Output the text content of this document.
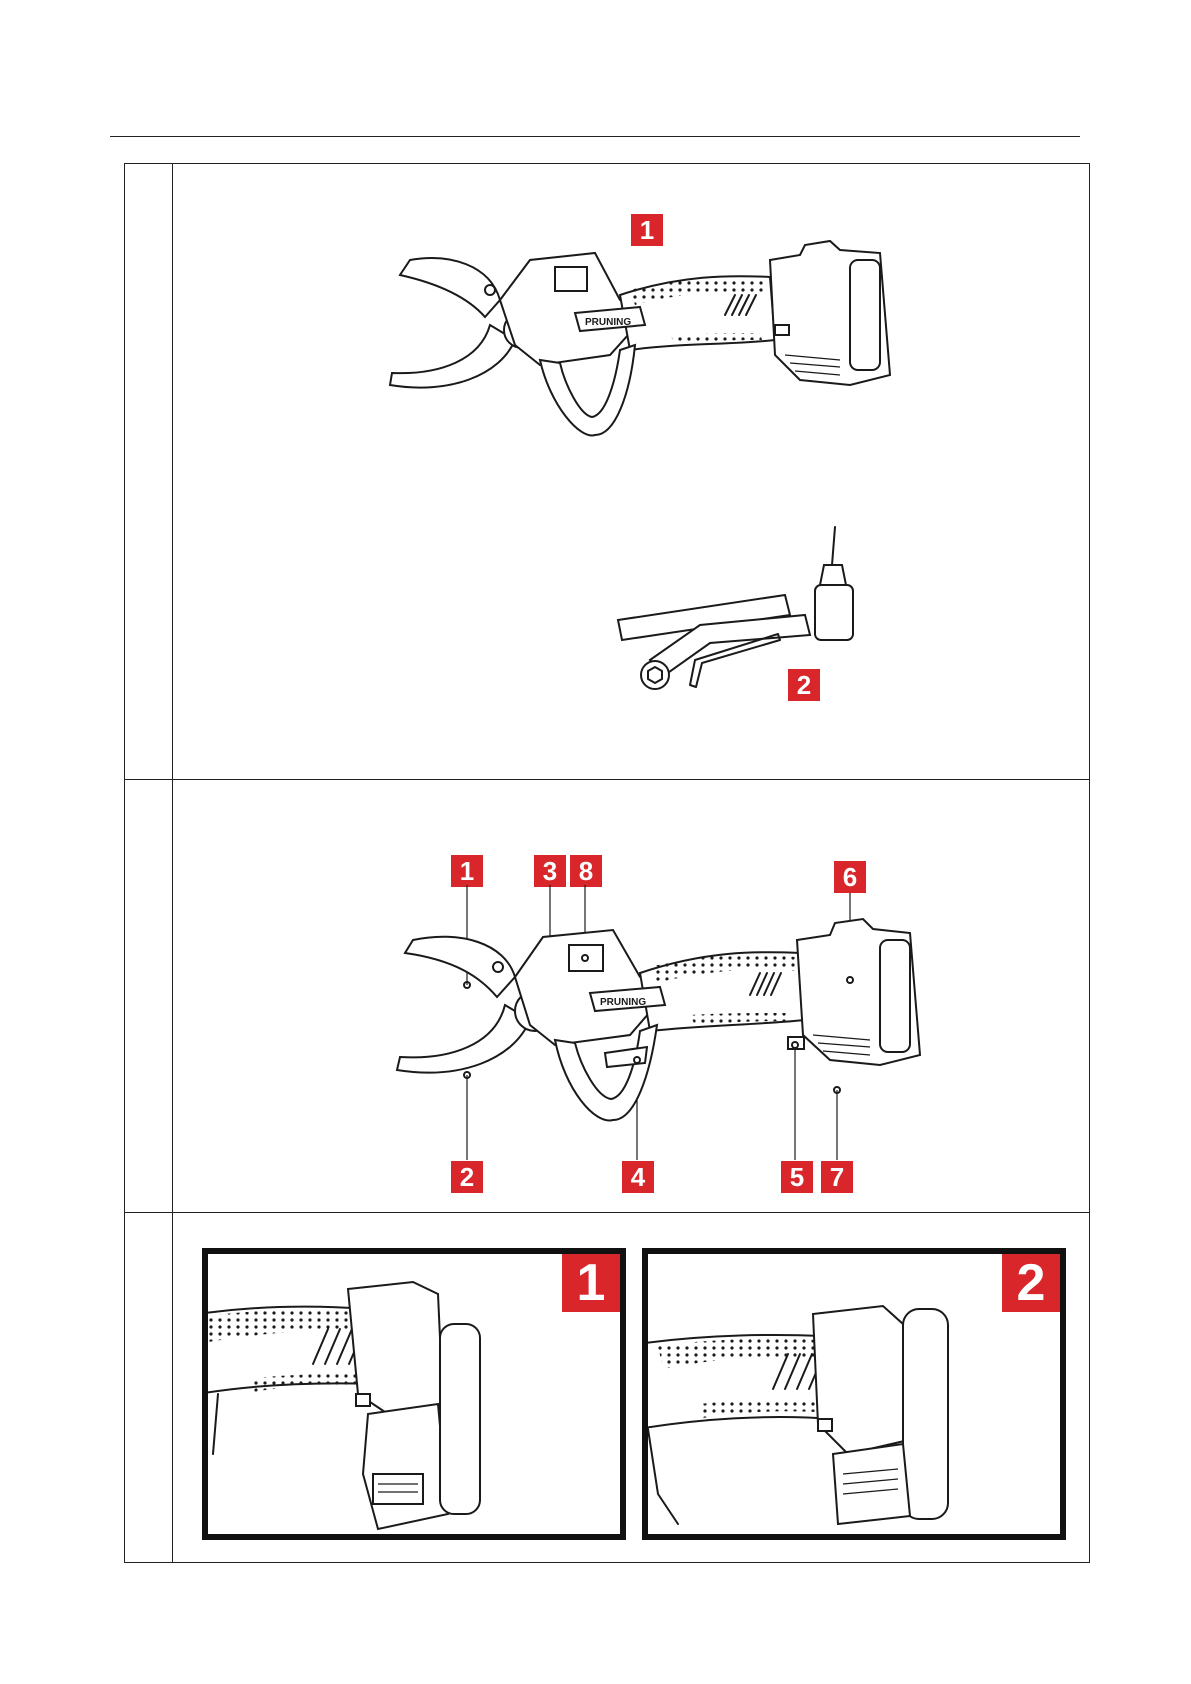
1
PRUNING
2
1	3 8	6
2	4	5 7
PRUNING
1	2
